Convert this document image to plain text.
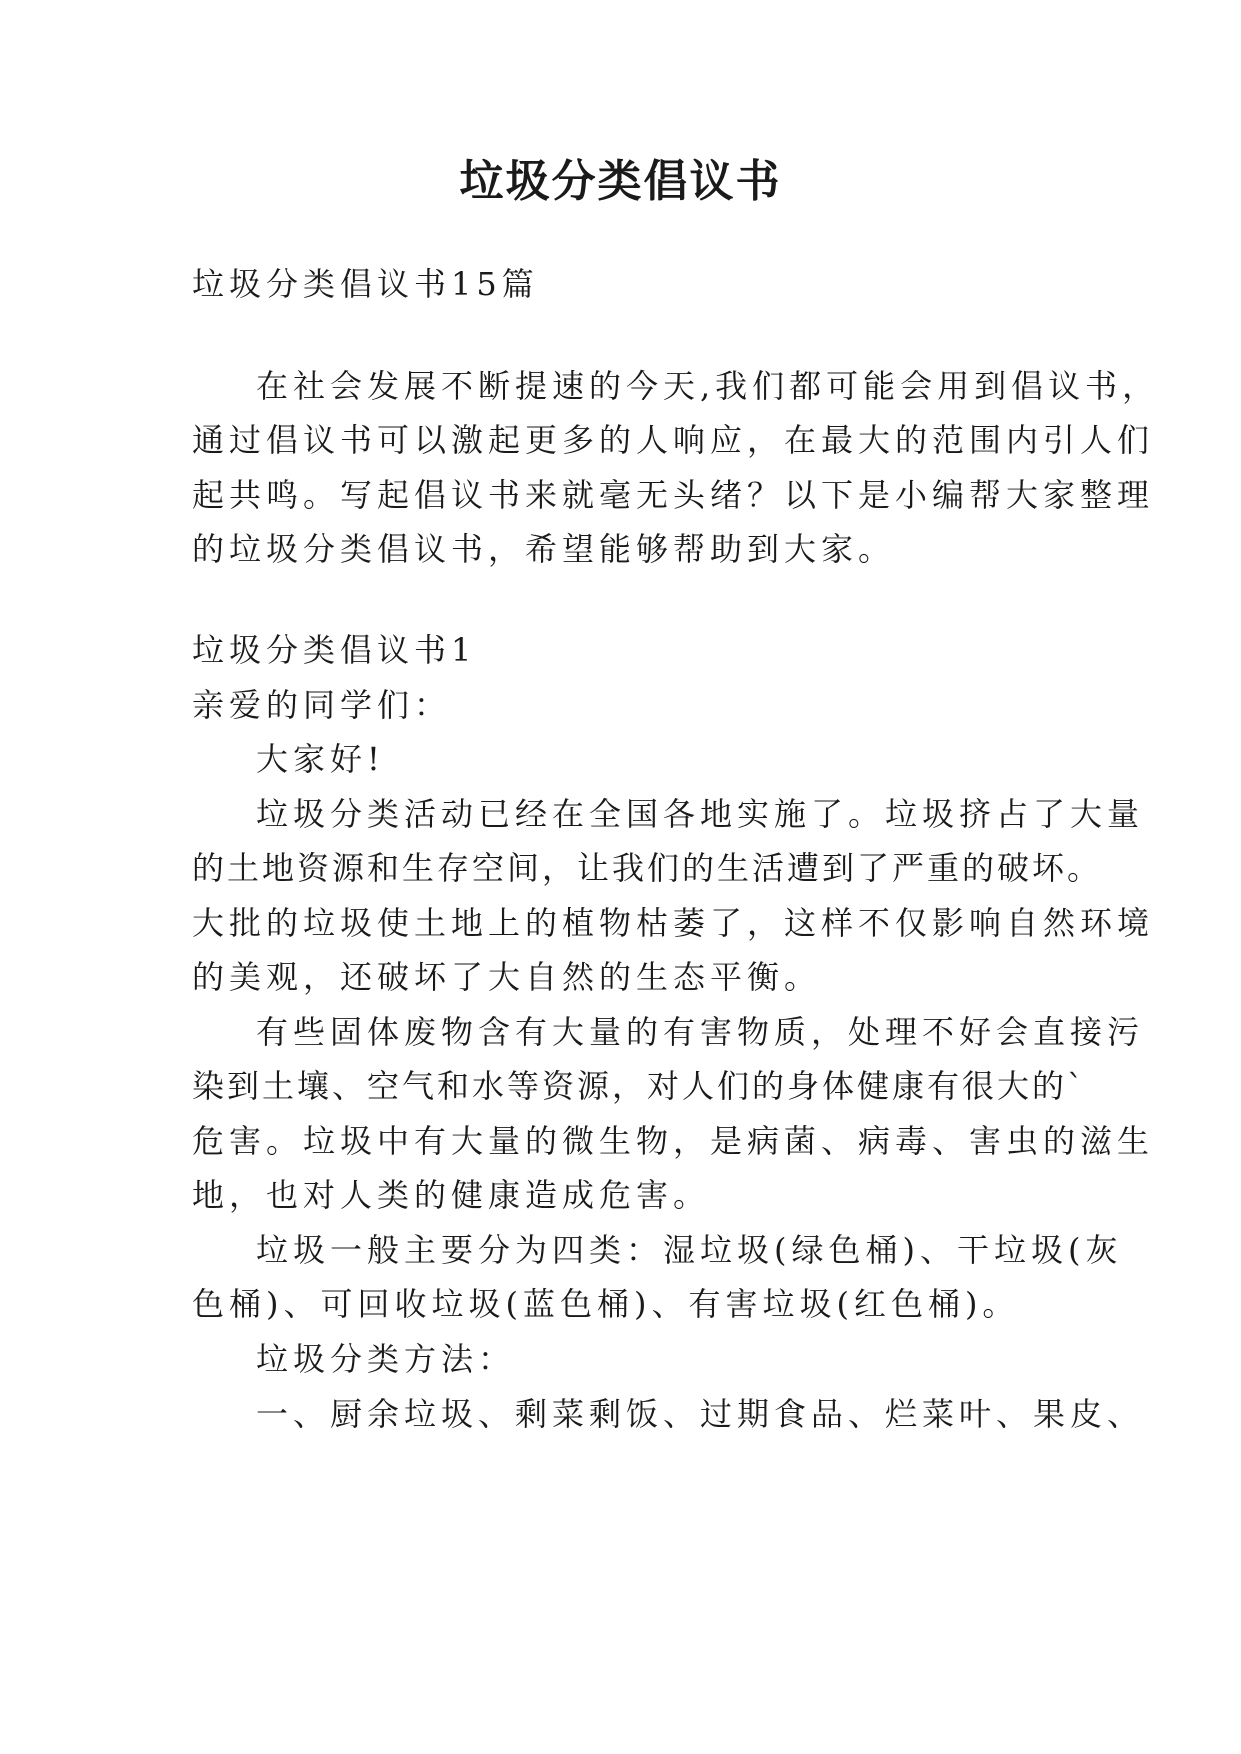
垃圾分类倡议书
垃圾分类倡议书15篇
在社会发展不断提速的今天,我们都可能会用到倡议书，
通过倡议书可以激起更多的人响应，在最大的范围内引人们
起共鸣。写起倡议书来就毫无头绪？以下是小编帮大家整理
的垃圾分类倡议书，希望能够帮助到大家。
垃圾分类倡议书1
亲爱的同学们：
大家好!
垃圾分类活动已经在全国各地实施了。垃圾挤占了大量
的土地资源和生存空间，让我们的生活遭到了严重的破坏。
大批的垃圾使土地上的植物枯萎了，这样不仅影响自然环境
的美观，还破坏了大自然的生态平衡。
有些固体废物含有大量的有害物质，处理不好会直接污
染到土壤、空气和水等资源，对人们的身体健康有很大的`
危害。垃圾中有大量的微生物，是病菌、病毒、害虫的滋生
地，也对人类的健康造成危害。
垃圾一般主要分为四类：湿垃圾(绿色桶)、干垃圾(灰
色桶)、可回收垃圾(蓝色桶)、有害垃圾(红色桶)。
垃圾分类方法：
一、厨余垃圾、剩菜剩饭、过期食品、烂菜叶、果皮、
